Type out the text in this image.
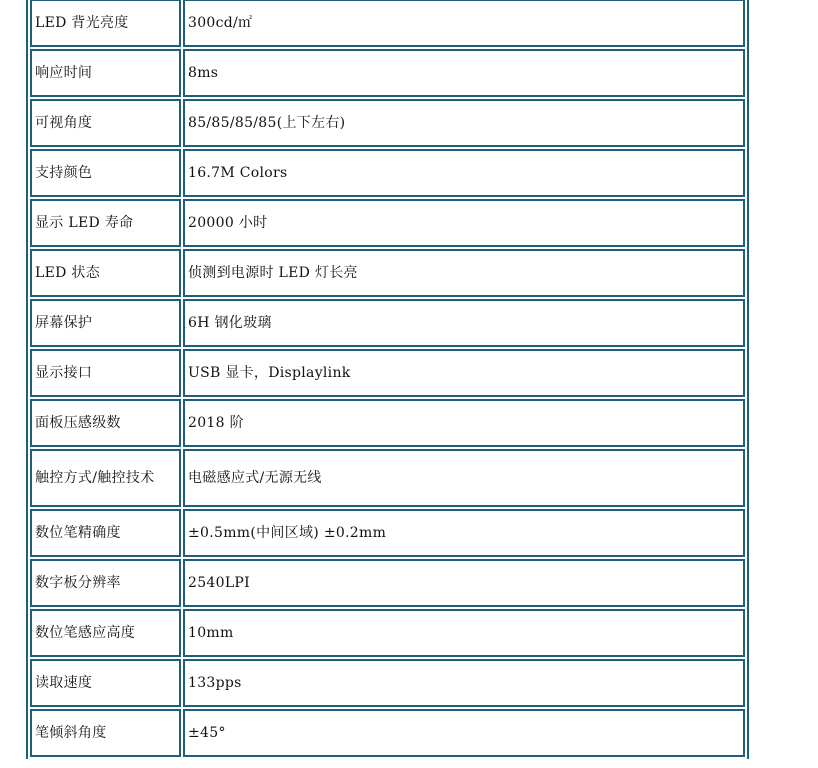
LED 背光亮度	300cd/㎡
响应时间	8ms
可视角度	85/85/85/85(上下左右)
支持颜色	16.7M Colors
显示 LED 寿命	20000 小时
LED 状态	侦测到电源时 LED 灯长亮
屏幕保护	6H 钢化玻璃
显示接口	USB 显卡，Displaylink
面板压感级数	2018 阶
触控方式/触控技术	电磁感应式/无源无线
数位笔精确度	±0.5mm(中间区域) ±0.2mm
数字板分辨率	2540LPI
数位笔感应高度	10mm
读取速度	133pps
笔倾斜角度	±45°
